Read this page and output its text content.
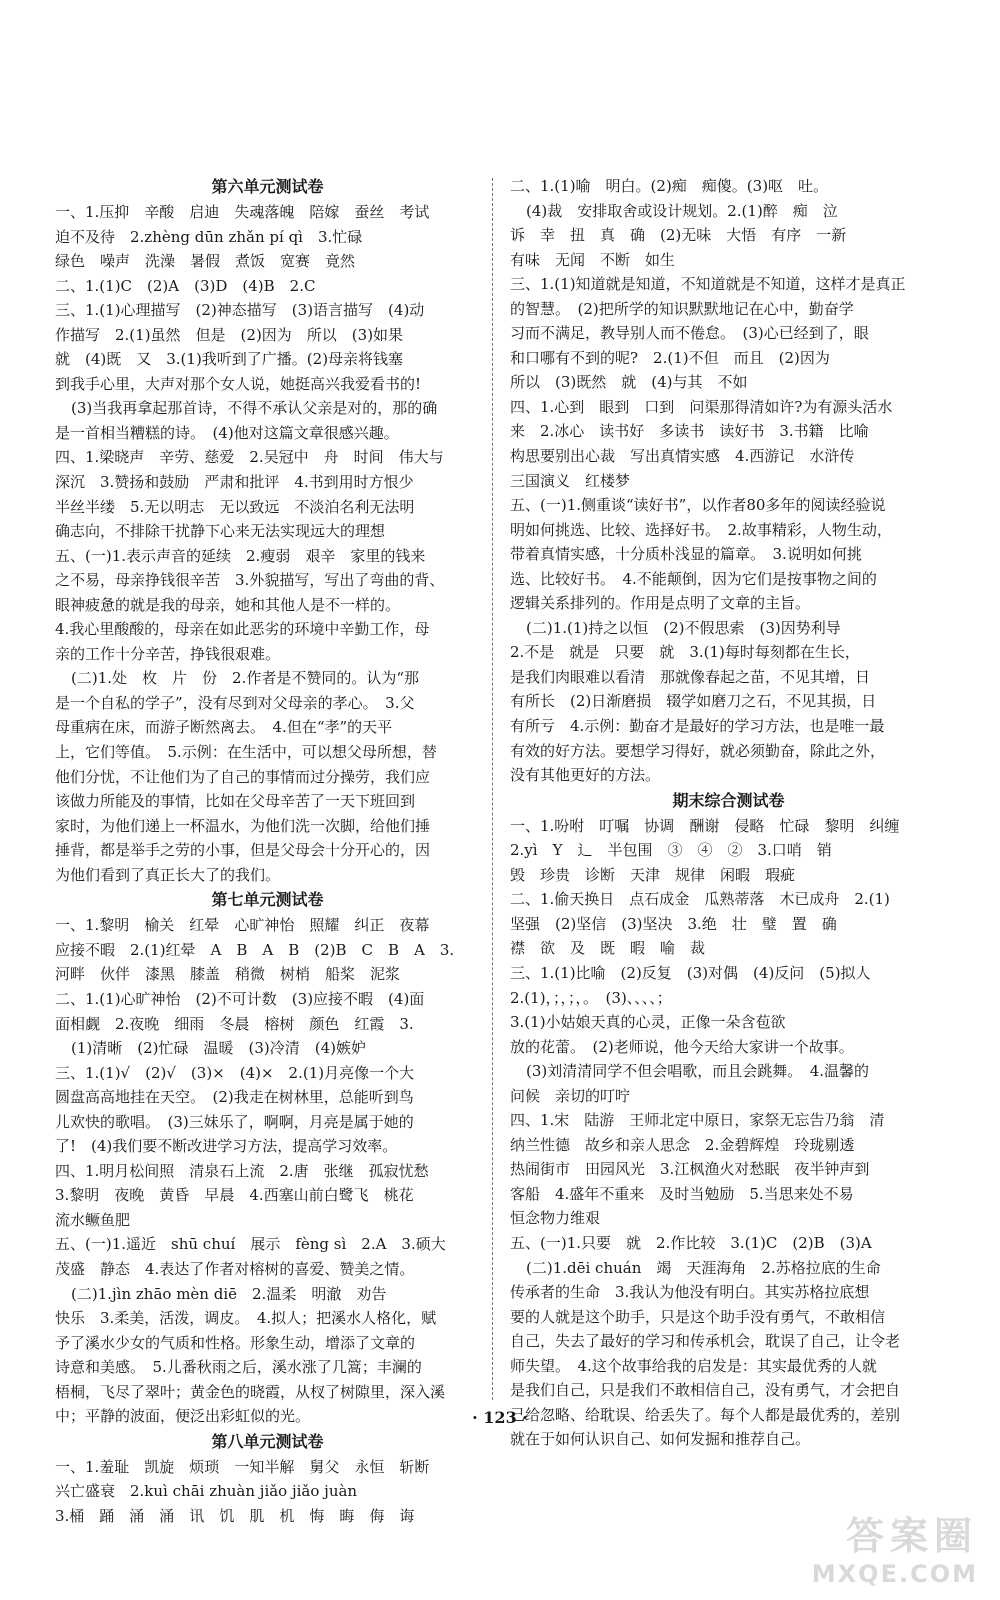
第六单元测试卷
一、1.压抑　辛酸　启迪　失魂落魄　陪嫁　蚕丝　考试
迫不及待　2.zhèng dūn zhǎn pí qì　3.忙碌
绿色　噪声　洗澡　暑假　煮饭　宽赛　竟然
二、1.(1)C　(2)A　(3)D　(4)B　2.C
三、1.(1)心理描写　(2)神态描写　(3)语言描写　(4)动
作描写　2.(1)虽然　但是　(2)因为　所以　(3)如果
就　(4)既　又　3.(1)我听到了广播。(2)母亲将钱塞
到我手心里，大声对那个女人说，她挺高兴我爱看书的!
(3)当我再拿起那首诗，不得不承认父亲是对的，那的确
是一首相当糟糕的诗。　(4)他对这篇文章很感兴趣。
四、1.梁晓声　辛劳、慈爱　2.吴冠中　舟　时间　伟大与
深沉　3.赞扬和鼓励　严肃和批评　4.书到用时方恨少
半丝半缕　5.无以明志　无以致远　不淡泊名利无法明
确志向，不排除干扰静下心来无法实现远大的理想
五、(一)1.表示声音的延续　2.瘦弱　艰辛　家里的钱来
之不易，母亲挣钱很辛苦　3.外貌描写，写出了弯曲的背、
眼神疲惫的就是我的母亲，她和其他人是不一样的。
4.我心里酸酸的，母亲在如此恶劣的环境中辛勤工作，母
亲的工作十分辛苦，挣钱很艰难。
(二)1.处　枚　片　份　2.作者是不赞同的。认为“那
是一个自私的学子”，没有尽到对父母亲的孝心。　3.父
母重病在床，而游子断然离去。　4.但在“孝”的天平
上，它们等值。　5.示例：在生活中，可以想父母所想，替
他们分忧，不让他们为了自己的事情而过分操劳，我们应
该做力所能及的事情，比如在父母辛苦了一天下班回到
家时，为他们递上一杯温水，为他们洗一次脚，给他们捶
捶背，都是举手之劳的小事，但是父母会十分开心的，因
为他们看到了真正长大了的我们。
第七单元测试卷
一、1.黎明　榆关　红晕　心旷神怡　照耀　纠正　夜幕
应接不暇　2.(1)红晕　A　B　A　B　(2)B　C　B　A　3.
河畔　伙伴　漆黑　膝盖　稍微　树梢　船桨　泥浆
二、1.(1)心旷神怡　(2)不可计数　(3)应接不暇　(4)面
面相觑　2.夜晚　细雨　冬晨　榕树　颜色　红霞　3.
(1)清晰　(2)忙碌　温暖　(3)冷清　(4)嫉妒
三、1.(1)√　(2)√　(3)×　(4)×　2.(1)月亮像一个大
圆盘高高地挂在天空。　(2)我走在树林里，总能听到鸟
儿欢快的歌唱。　(3)三妹乐了，啊啊，月亮是属于她的
了!　(4)我们要不断改进学习方法，提高学习效率。
四、1.明月松间照　清泉石上流　2.唐　张继　孤寂忧愁
3.黎明　夜晚　黄昏　早晨　4.西塞山前白鹭飞　桃花
流水鳜鱼肥
五、(一)1.遥近　shū chuí　展示　fèng sì　2.A　3.硕大
茂盛　静态　4.表达了作者对榕树的喜爱、赞美之情。
(二)1.jìn zhāo mèn diē　2.温柔　明澈　劝告
快乐　3.柔美，活泼，调皮。　4.拟人；把溪水人格化，赋
予了溪水少女的气质和性格。形象生动，增添了文章的
诗意和美感。　5.儿番秋雨之后，溪水涨了几篙；丰澜的
梧桐，飞尽了翠叶；黄金色的晓霞，从杈了树隙里，深入溪
中；平静的波面，便泛出彩虹似的光。
第八单元测试卷
一、1.羞耻　凯旋　烦琐　一知半解　舅父　永恒　斩断
兴亡盛衰　2.kuì chāi zhuàn jiǎo jiǎo juàn
3.桶　踊　涌　涌　讯　饥　肌　机　悔　晦　侮　诲
二、1.(1)喻　明白。(2)痴　痴傻。(3)呕　吐。
(4)裁　安排取舍或设计规划。2.(1)醉　痴　泣
诉　幸　扭　真　确　(2)无味　大悟　有序　一新
有味　无闻　不断　如生
三、1.(1)知道就是知道，不知道就是不知道，这样才是真正
的智慧。　(2)把所学的知识默默地记在心中，勤奋学
习而不满足，教导别人而不倦怠。　(3)心已经到了，眼
和口哪有不到的呢?　2.(1)不但　而且　(2)因为
所以　(3)既然　就　(4)与其　不如
四、1.心到　眼到　口到　问渠那得清如许?为有源头活水
来　2.冰心　读书好　多读书　读好书　3.书籍　比喻
构思要别出心裁　写出真情实感　4.西游记　水浒传
三国演义　红楼梦
五、(一)1.侧重谈“读好书”，以作者80多年的阅读经验说
明如何挑选、比较、选择好书。　2.故事精彩，人物生动，
带着真情实感，十分质朴浅显的篇章。　3.说明如何挑
选、比较好书。　4.不能颠倒，因为它们是按事物之间的
逻辑关系排列的。作用是点明了文章的主旨。
(二)1.(1)持之以恒　(2)不假思索　(3)因势利导
2.不是　就是　只要　就　3.(1)每时每刻都在生长，
是我们肉眼难以看清　那就像春起之苗，不见其增，日
有所长　(2)日渐磨损　辍学如磨刀之石，不见其损，日
有所亏　4.示例：勤奋才是最好的学习方法，也是唯一最
有效的好方法。要想学习得好，就必须勤奋，除此之外，
没有其他更好的方法。
期末综合测试卷
一、1.吩咐　叮嘱　协调　酬谢　侵略　忙碌　黎明　纠缠
2.yì　Y　辶　半包围　③　④　②　3.口哨　销
毁　珍贵　诊断　天津　规律　闲暇　瑕疵
二、1.偷天换日　点石成金　瓜熟蒂落　木已成舟　2.(1)
坚强　(2)坚信　(3)坚决　3.绝　壮　璧　置　确
襟　欲　及　既　暇　喻　裁
三、1.(1)比喻　(2)反复　(3)对偶　(4)反问　(5)拟人
2.(1)，；，；，。　(3)、、、、；
3.(1)小姑娘天真的心灵，正像一朵含苞欲
放的花蕾。　(2)老师说，他今天给大家讲一个故事。
(3)刘清清同学不但会唱歌，而且会跳舞。　4.温馨的
问候　亲切的叮咛
四、1.宋　陆游　王师北定中原日，家祭无忘告乃翁　清
纳兰性德　故乡和亲人思念　2.金碧辉煌　玲珑剔透
热闹街市　田园风光　3.江枫渔火对愁眠　夜半钟声到
客船　4.盛年不重来　及时当勉励　5.当思来处不易
恒念物力维艰
五、(一)1.只要　就　2.作比较　3.(1)C　(2)B　(3)A
(二)1.dēi chuán　竭　天涯海角　2.苏格拉底的生命
传承者的生命　3.我认为他没有明白。其实苏格拉底想
要的人就是这个助手，只是这个助手没有勇气，不敢相信
自己，失去了最好的学习和传承机会，耽误了自己，让令老
师失望。　4.这个故事给我的启发是：其实最优秀的人就
是我们自己，只是我们不敢相信自己，没有勇气，才会把自
己给忽略、给耽误、给丢失了。每个人都是最优秀的，差别
就在于如何认识自己、如何发掘和推荐自己。
· 123 ·
答案圈
MXQE.COM
